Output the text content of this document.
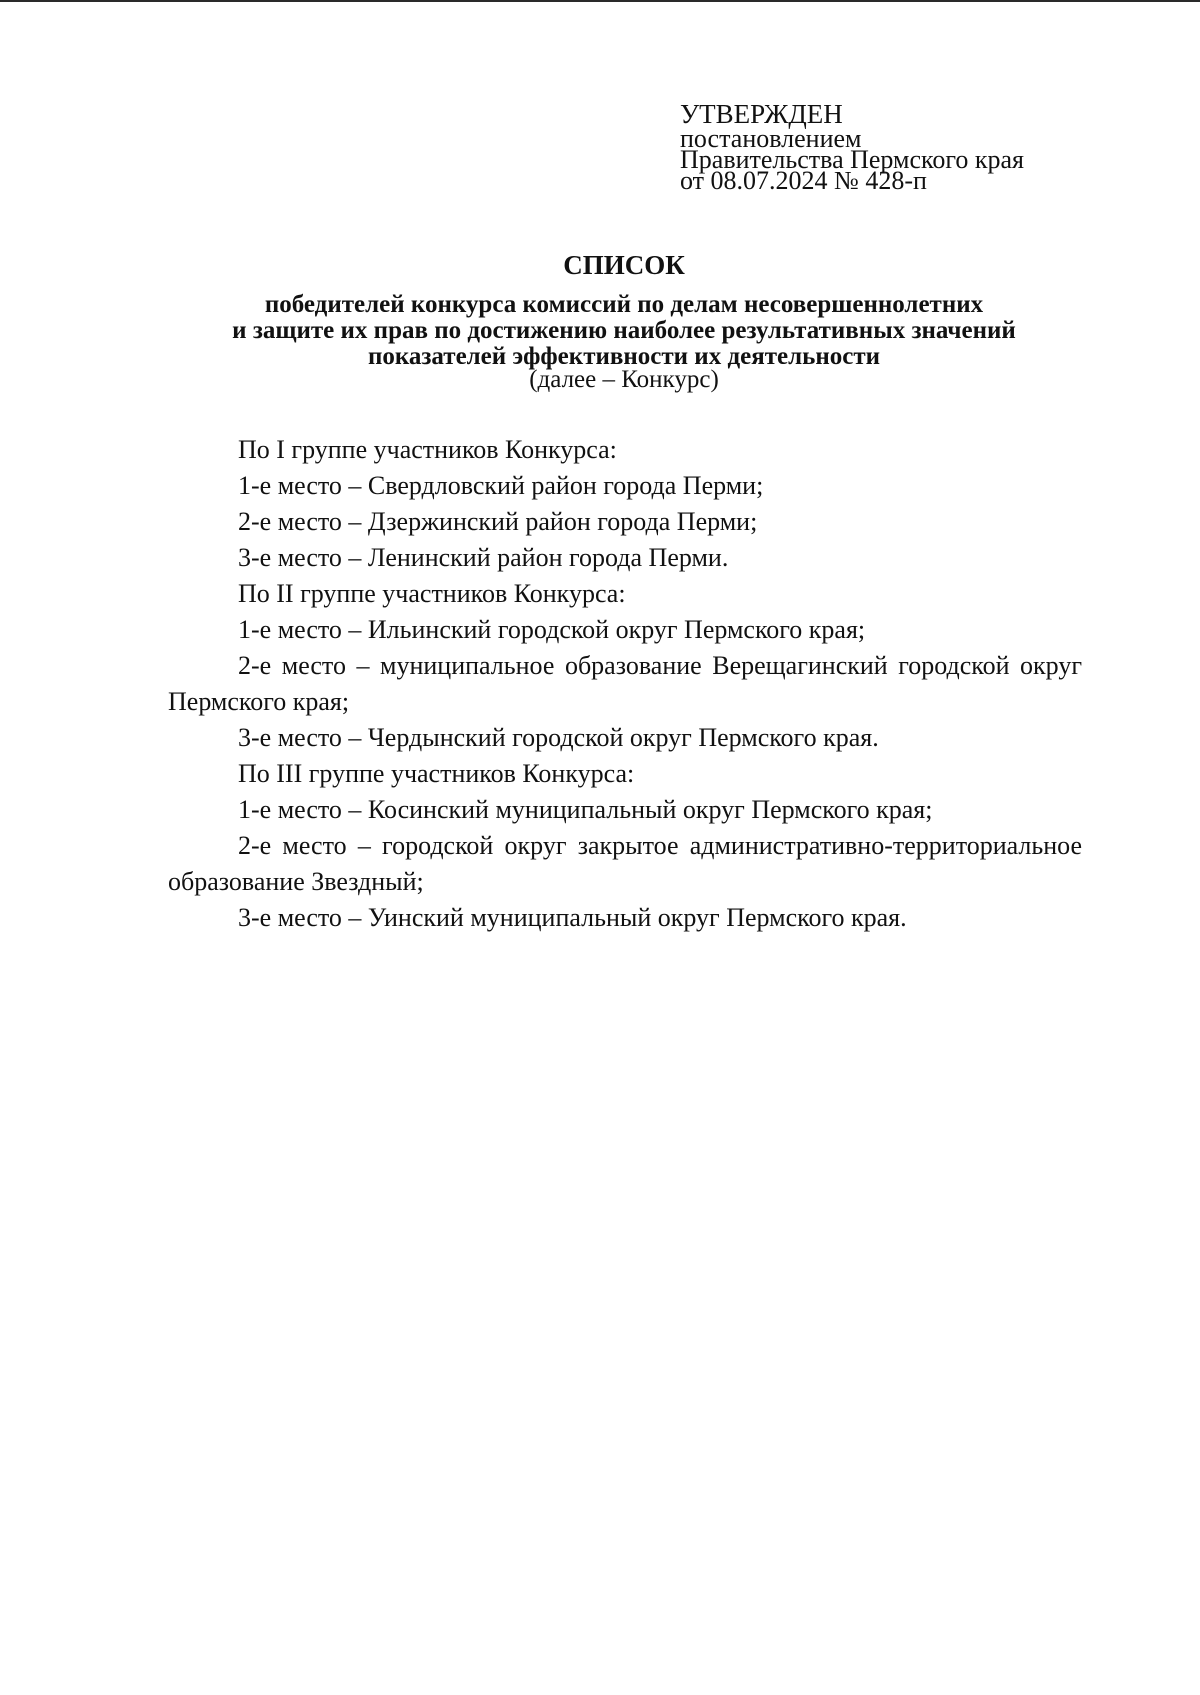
УТВЕРЖДЕН
постановлением
Правительства Пермского края
от 08.07.2024 № 428-п
СПИСОК
победителей конкурса комиссий по делам несовершеннолетних
и защите их прав по достижению наиболее результативных значений
показателей эффективности их деятельности
(далее – Конкурс)

По I группе участников Конкурса:

1-е место – Свердловский район города Перми;

2-е место – Дзержинский район города Перми;

3-е место – Ленинский район города Перми.

По II группе участников Конкурса:

1-е место – Ильинский городской округ Пермского края;

2-е место – муниципальное образование Верещагинский городской округ Пермского края;

3-е место – Чердынский городской округ Пермского края.

По III группе участников Конкурса:

1-е место – Косинский муниципальный округ Пермского края;

2-е место – городской округ закрытое административно-территориальное образование Звездный;

3-е место – Уинский муниципальный округ Пермского края.
